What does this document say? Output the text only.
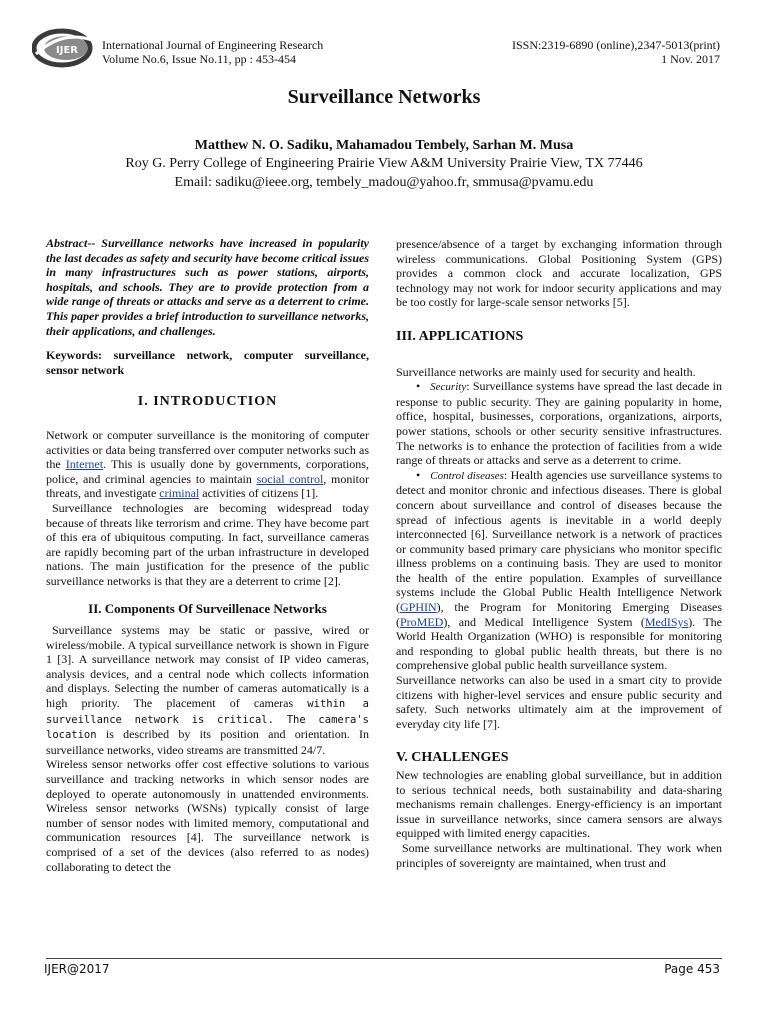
IJER International Journal of Engineering Research
Volume No.6, Issue No.11, pp : 453-454
ISSN:2319-6890 (online),2347-5013(print)
1 Nov. 2017
Surveillance Networks
Matthew N. O. Sadiku, Mahamadou Tembely, Sarhan M. Musa
Roy G. Perry College of Engineering Prairie View A&M University Prairie View, TX 77446
Email: sadiku@ieee.org, tembely_madou@yahoo.fr, smmusa@pvamu.edu

Abstract-- Surveillance networks have increased in popularity the last decades as safety and security have become critical issues in many infrastructures such as power stations, airports, hospitals, and schools. They are to provide protection from a wide range of threats or attacks and serve as a deterrent to crime. This paper provides a brief introduction to surveillance networks, their applications, and challenges.

Keywords: surveillance network, computer surveillance, sensor network

I. INTRODUCTION

Network or computer surveillance is the monitoring of computer activities or data being transferred over computer networks such as the Internet. This is usually done by governments, corporations, police, and criminal agencies to maintain social control, monitor threats, and investigate criminal activities of citizens [1].

Surveillance technologies are becoming widespread today because of threats like terrorism and crime. They have become part of this era of ubiquitous computing. In fact, surveillance cameras are rapidly becoming part of the urban infrastructure in developed nations. The main justification for the presence of the public surveillance networks is that they are a deterrent to crime [2].

II. Components Of Surveillenace Networks

Surveillance systems may be static or passive, wired or wireless/mobile. A typical surveillance network is shown in Figure 1 [3]. A surveillance network may consist of IP video cameras, analysis devices, and a central node which collects information and displays. Selecting the number of cameras automatically is a high priority. The placement of cameras within a surveillance network is critical. The camera's location is described by its position and orientation. In surveillance networks, video streams are transmitted 24/7.

Wireless sensor networks offer cost effective solutions to various surveillance and tracking networks in which sensor nodes are deployed to operate autonomously in unattended environments. Wireless sensor networks (WSNs) typically consist of large number of sensor nodes with limited memory, computational and communication resources [4]. The surveillance network is comprised of a set of the devices (also referred to as nodes) collaborating to detect the

presence/absence of a target by exchanging information through wireless communications. Global Positioning System (GPS) provides a common clock and accurate localization, GPS technology may not work for indoor security applications and may be too costly for large-scale sensor networks [5].

III. APPLICATIONS

Surveillance networks are mainly used for security and health.

• Security: Surveillance systems have spread the last decade in response to public security. They are gaining popularity in home, office, hospital, businesses, corporations, organizations, airports, power stations, schools or other security sensitive infrastructures. The networks is to enhance the protection of facilities from a wide range of threats or attacks and serve as a deterrent to crime.

• Control diseases: Health agencies use surveillance systems to detect and monitor chronic and infectious diseases. There is global concern about surveillance and control of diseases because the spread of infectious agents is inevitable in a world deeply interconnected [6]. Surveillance network is a network of practices or community based primary care physicians who monitor specific illness problems on a continuing basis. They are used to monitor the health of the entire population. Examples of surveillance systems include the Global Public Health Intelligence Network (GPHIN), the Program for Monitoring Emerging Diseases (ProMED), and Medical Intelligence System (MedISys). The World Health Organization (WHO) is responsible for monitoring and responding to global public health threats, but there is no comprehensive global public health surveillance system.

Surveillance networks can also be used in a smart city to provide citizens with higher-level services and ensure public security and safety. Such networks ultimately aim at the improvement of everyday city life [7].

V. CHALLENGES

New technologies are enabling global surveillance, but in addition to serious technical needs, both sustainability and data-sharing mechanisms remain challenges. Energy-efficiency is an important issue in surveillance networks, since camera sensors are always equipped with limited energy capacities.

Some surveillance networks are multinational. They work when principles of sovereignty are maintained, when trust and

IJER@2017	Page 453
